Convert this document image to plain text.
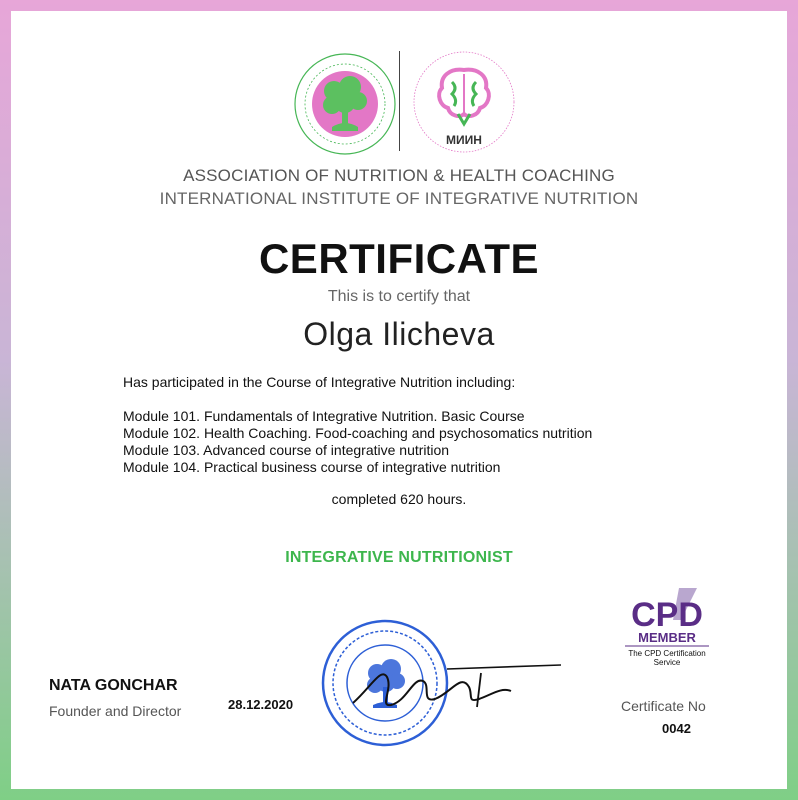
МИИН
ASSOCIATION OF NUTRITION & HEALTH COACHING
INTERNATIONAL INSTITUTE OF INTEGRATIVE NUTRITION
CERTIFICATE
This is to certify that
Olga Ilicheva
Has participated in the Course of Integrative Nutrition including:
Module 101. Fundamentals of Integrative Nutrition. Basic Course
Module 102. Health Coaching. Food-coaching and psychosomatics nutrition
Module 103. Advanced course of integrative nutrition
Module 104. Practical business course of integrative nutrition
completed 620 hours.
INTEGRATIVE NUTRITIONIST
NATA GONCHAR
Founder and Director	28.12.2020
CPD
MEMBER
The CPD Certification
Service
Certificate No
0042
